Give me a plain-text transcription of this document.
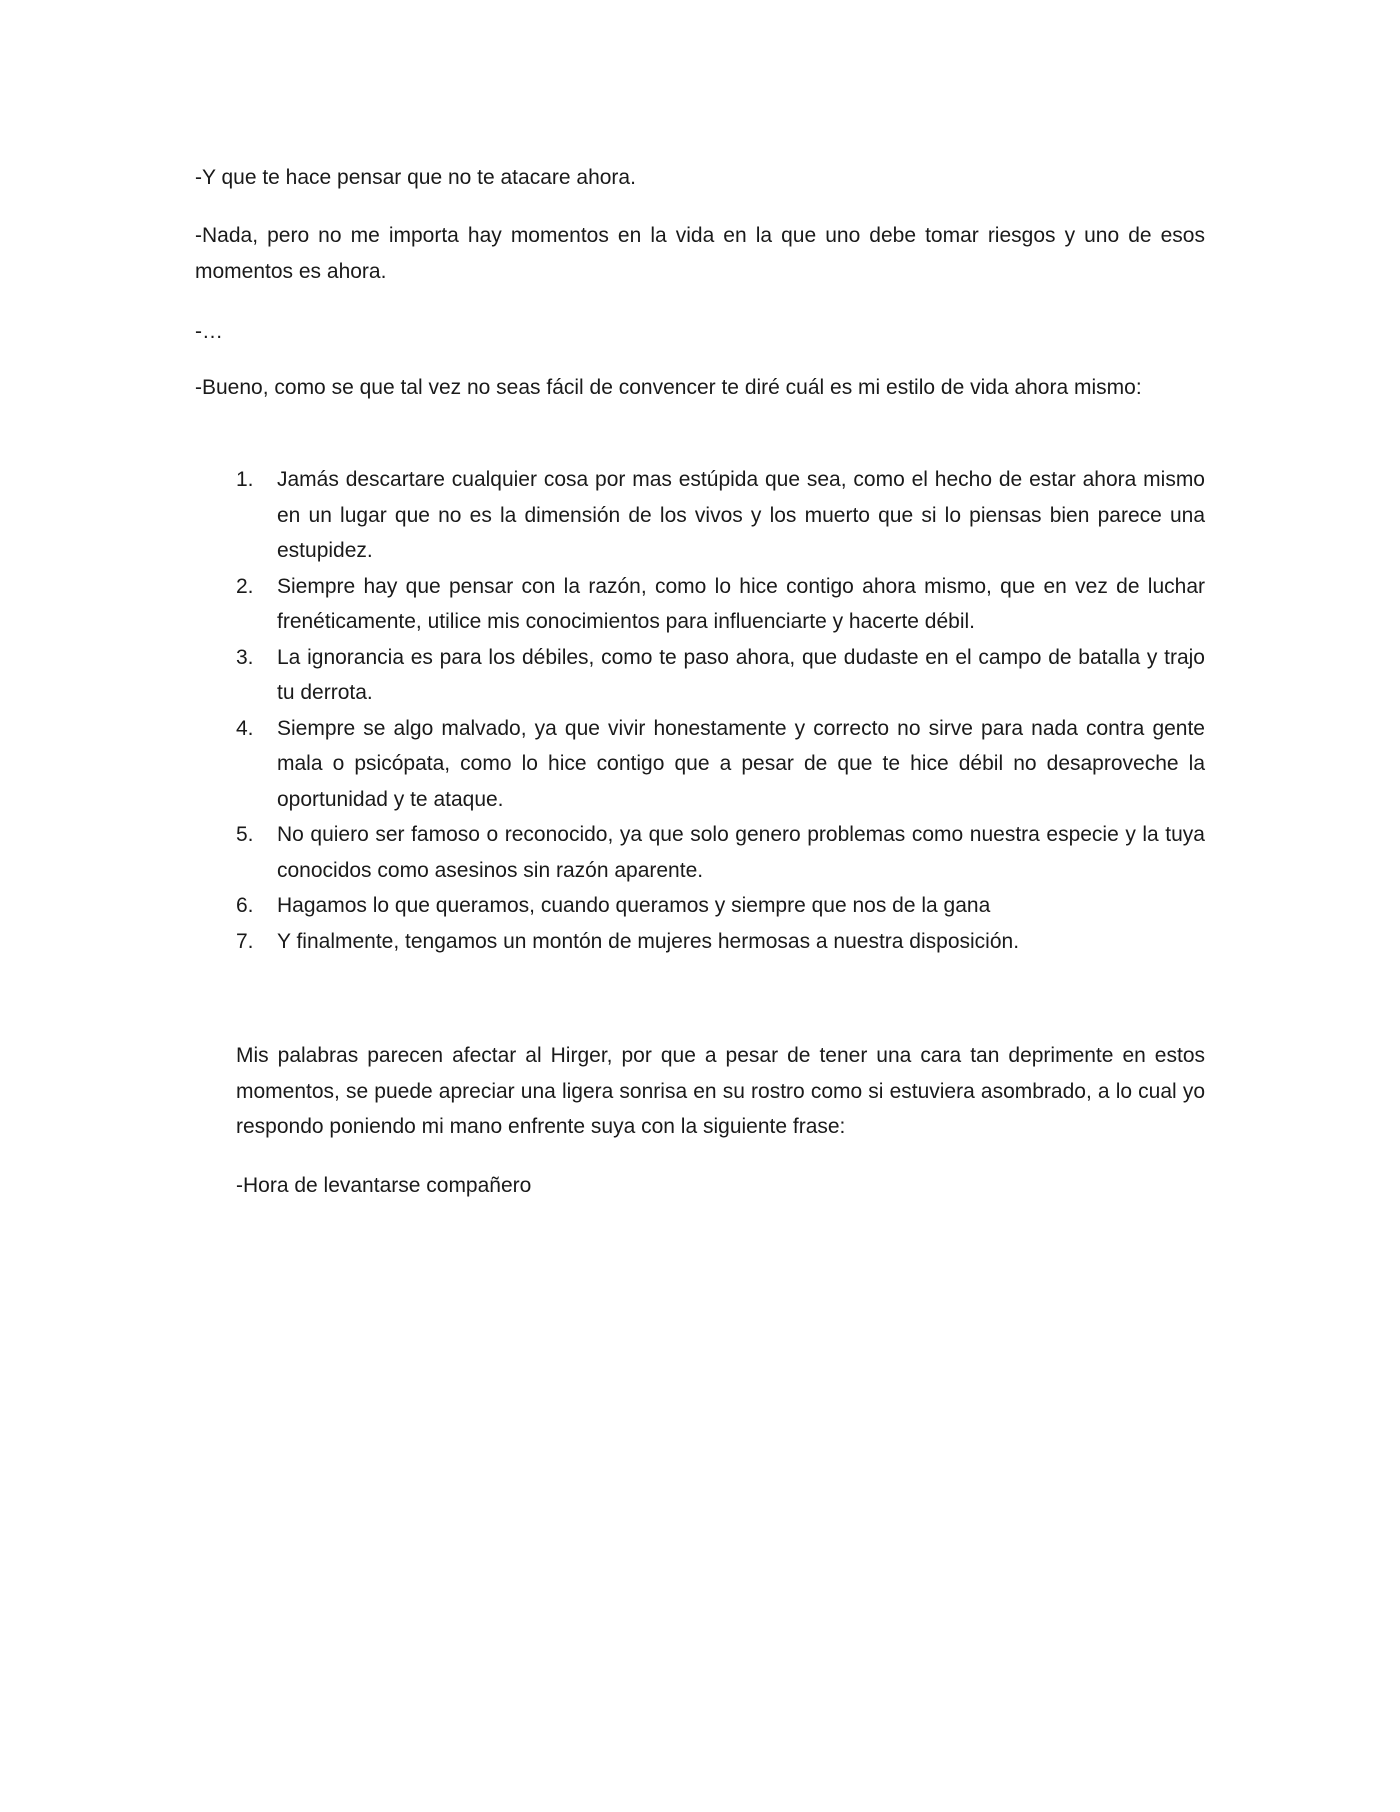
-Y que te hace pensar que no te atacare ahora.

-Nada, pero no me importa hay momentos en la vida en la que uno debe tomar riesgos y uno de esos momentos es ahora.

-…

-Bueno, como se que tal vez no seas fácil de convencer te diré cuál es mi estilo de vida ahora mismo:

1. Jamás descartare cualquier cosa por mas estúpida que sea, como el hecho de estar ahora mismo en un lugar que no es la dimensión de los vivos y los muerto que si lo piensas bien parece una estupidez.
2. Siempre hay que pensar con la razón, como lo hice contigo ahora mismo, que en vez de luchar frenéticamente, utilice mis conocimientos para influenciarte y hacerte débil.
3. La ignorancia es para los débiles, como te paso ahora, que dudaste en el campo de batalla y trajo tu derrota.
4. Siempre se algo malvado, ya que vivir honestamente y correcto no sirve para nada contra gente mala o psicópata, como lo hice contigo que a pesar de que te hice débil no desaproveche la oportunidad y te ataque.
5. No quiero ser famoso o reconocido, ya que solo genero problemas como nuestra especie y la tuya conocidos como asesinos sin razón aparente.
6. Hagamos lo que queramos, cuando queramos y siempre que nos de la gana
7. Y finalmente, tengamos un montón de mujeres hermosas a nuestra disposición.

Mis palabras parecen afectar al Hirger, por que a pesar de tener una cara tan deprimente en estos momentos, se puede apreciar una ligera sonrisa en su rostro como si estuviera asombrado, a lo cual yo respondo poniendo mi mano enfrente suya con la siguiente frase:

-Hora de levantarse compañero
